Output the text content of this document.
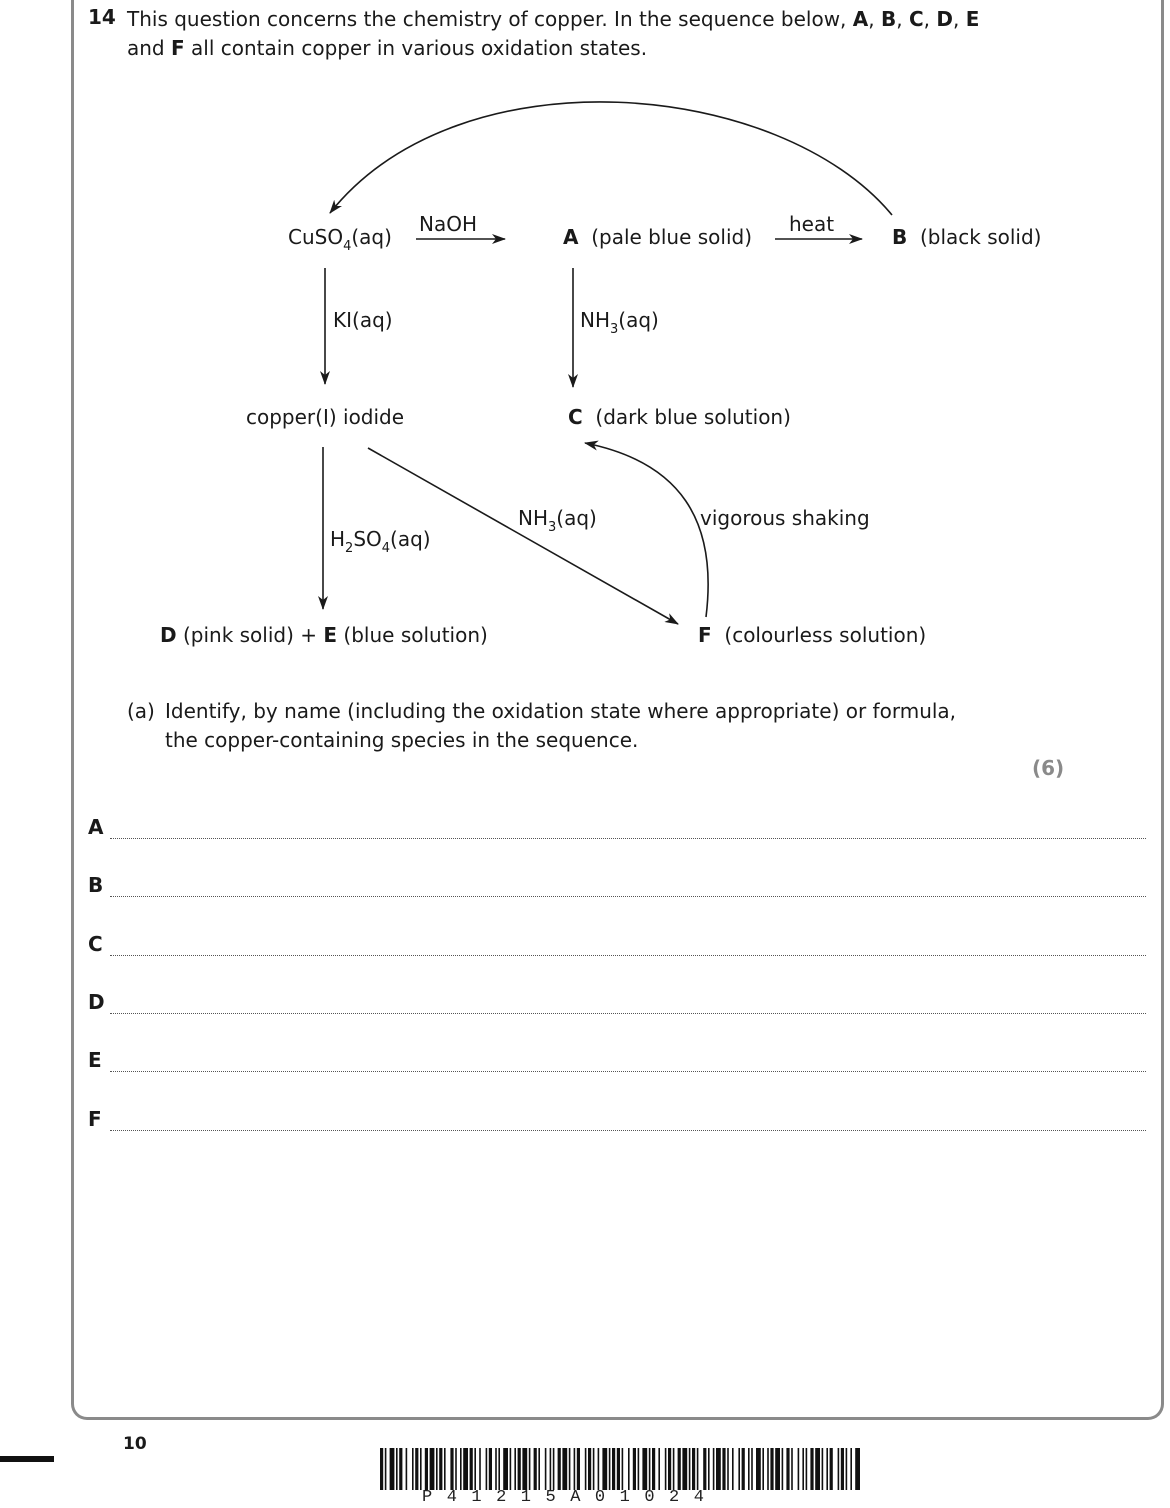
14 This question concerns the chemistry of copper. In the sequence below, A, B, C, D, E
and F all contain copper in various oxidation states.
CuSO$_4$(aq)
NaOH
A (pale blue solid)
heat
B (black solid)
KI(aq)	$NH_3(aq)$
copper(I) iodide	C (dark blue solution)
$NH_3(aq)$	vigorous shaking
$H_2SO_4(aq)$
D (pink solid) + E (blue solution)	F (colourless solution)
(a) Identify, by name (including the oxidation state where appropriate) or formula,
the copper-containing species in the sequence.
(6)
A
B
C
D
E
F
10
P41215A01024
